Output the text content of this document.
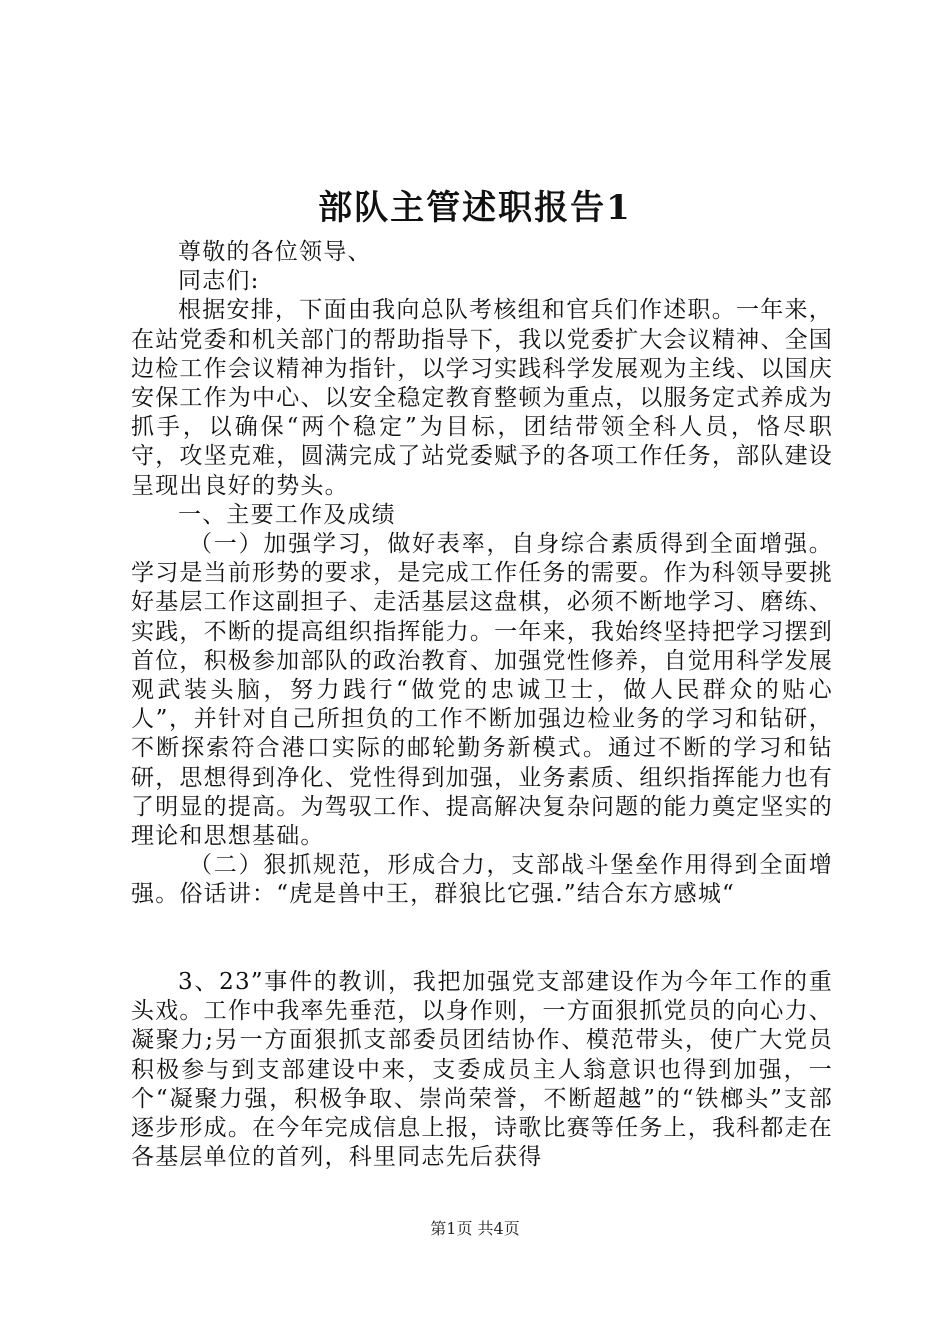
部队主管述职报告1

尊敬的各位领导、

同志们:

根据安排，下面由我向总队考核组和官兵们作述职。一年来，在站党委和机关部门的帮助指导下，我以党委扩大会议精神、全国边检工作会议精神为指针，以学习实践科学发展观为主线、以国庆安保工作为中心、以安全稳定教育整顿为重点，以服务定式养成为抓手，以确保“两个稳定”为目标，团结带领全科人员，恪尽职守，攻坚克难，圆满完成了站党委赋予的各项工作任务，部队建设呈现出良好的势头。

一、主要工作及成绩

（一）加强学习，做好表率，自身综合素质得到全面增强。学习是当前形势的要求，是完成工作任务的需要。作为科领导要挑好基层工作这副担子、走活基层这盘棋，必须不断地学习、磨练、实践，不断的提高组织指挥能力。一年来，我始终坚持把学习摆到首位，积极参加部队的政治教育、加强党性修养，自觉用科学发展观武装头脑，努力践行“做党的忠诚卫士，做人民群众的贴心人”，并针对自己所担负的工作不断加强边检业务的学习和钻研，不断探索符合港口实际的邮轮勤务新模式。通过不断的学习和钻研，思想得到净化、党性得到加强，业务素质、组织指挥能力也有了明显的提高。为驾驭工作、提高解决复杂问题的能力奠定坚实的理论和思想基础。

（二）狠抓规范，形成合力，支部战斗堡垒作用得到全面增强。俗话讲：“虎是兽中王，群狼比它强.”结合东方感城“

3、23”事件的教训，我把加强党支部建设作为今年工作的重头戏。工作中我率先垂范，以身作则，一方面狠抓党员的向心力、凝聚力;另一方面狠抓支部委员团结协作、模范带头，使广大党员积极参与到支部建设中来，支委成员主人翁意识也得到加强，一个“凝聚力强，积极争取、崇尚荣誉，不断超越”的“铁榔头”支部逐步形成。在今年完成信息上报，诗歌比赛等任务上，我科都走在各基层单位的首列，科里同志先后获得

第1页 共4页
